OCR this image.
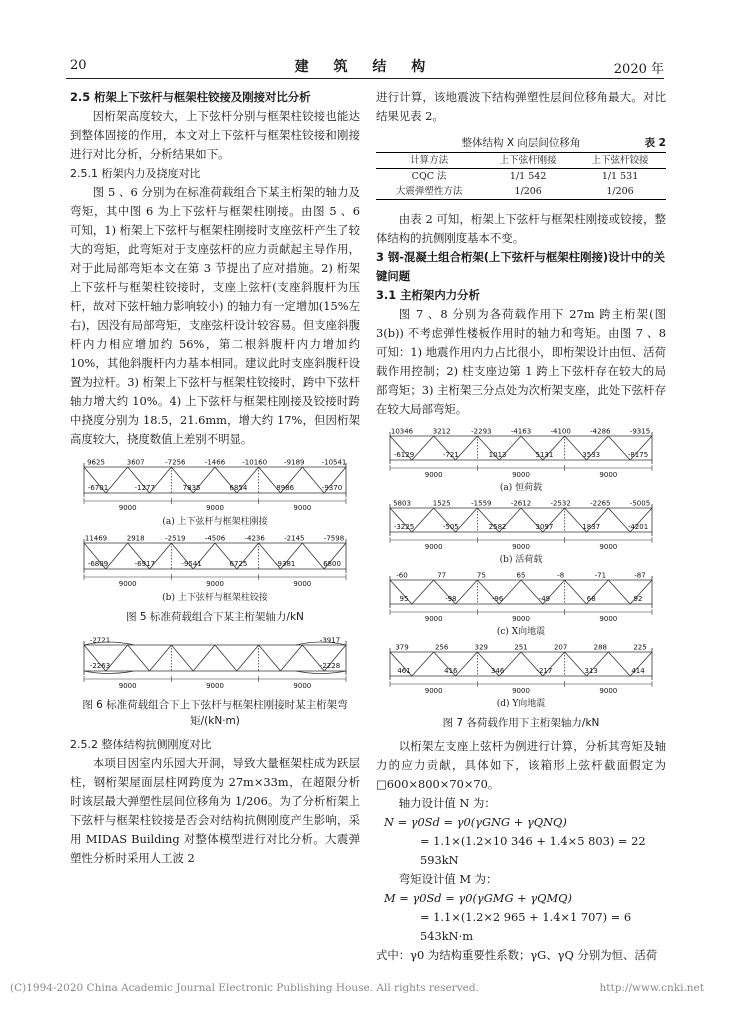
20	建 筑 结 构	2020 年
2.5 桁架上下弦杆与框架柱铰接及刚接对比分析

因桁架高度较大，上下弦杆分别与框架柱铰接也能达到整体固接的作用，本文对上下弦杆与框架柱铰接和刚接进行对比分析，分析结果如下。

2.5.1 桁架内力及挠度对比

图 5 、6 分别为在标准荷载组合下某主桁架的轴力及弯矩，其中图 6 为上下弦杆与框架柱刚接。由图 5 、6 可知，1) 桁架上下弦杆与框架柱刚接时支座弦杆产生了较大的弯矩，此弯矩对于支座弦杆的应力贡献起主导作用，对于此局部弯矩本文在第 3 节提出了应对措施。2) 桁架上下弦杆与框架柱铰接时，支座上弦杆(支座斜腹杆为压杆，故对下弦杆轴力影响较小) 的轴力有一定增加(15%左右)，因没有局部弯矩，支座弦杆设计较容易。但支座斜腹杆内力相应增加约 56%，第二根斜腹杆内力增加约 10%，其他斜腹杆内力基本相同。建议此时支座斜腹杆设置为拉杆。3) 桁架上下弦杆与框架柱铰接时，跨中下弦杆轴力增大约 10%。4) 上下弦杆与框架柱刚接及铰接时跨中挠度分别为 18.5，21.6mm，增大约 17%，但因桁架高度较大，挠度数值上差别不明显。

9625	3607	-7256	-1466 -10160 -9189 -10541
-6701	-1277	7835	6854	8986	-9370
9000	9000	9000
(a) 上下弦杆与框架柱刚接
11469	2918	-2519	-4506	-4236	-2145	-7598
-6809	-6917	-9541	6725	-9381	6800
9000	9000	9000
(b) 上下弦杆与框架柱铰接
图 5 标准荷载组合下某主桁架轴力/kN
-2721	-3917
-2263	-2228
9000	9000	9000
图 6 标准荷载组合下上下弦杆与框架柱刚接时某主桁架弯矩/(kN·m)
2.5.2 整体结构抗侧刚度对比

本项目因室内乐园大开洞，导致大量框架柱成为跃层柱，钢桁架屋面层柱网跨度为 27m×33m，在超限分析时该层最大弹塑性层间位移角为 1/206。为了分析桁架上下弦杆与框架柱铰接是否会对结构抗侧刚度产生影响，采用 MIDAS Building 对整体模型进行对比分析。大震弹塑性分析时采用人工波 2

进行计算，该地震波下结构弹塑性层间位移角最大。对比结果见表 2。

整体结构 X 向层间位移角	表 2
计算方法	上下弦杆刚接	上下弦杆铰接
CQC 法	1/1 542	1/1 531
大震弹塑性方法	1/206	1/206

由表 2 可知，桁架上下弦杆与框架柱刚接或铰接，整体结构的抗侧刚度基本不变。

3 钢-混凝土组合桁架(上下弦杆与框架柱刚接)设计中的关键问题
3.1 主桁架内力分析

图 7 、8 分别为各荷载作用下 27m 跨主桁架(图 3(b)) 不考虑弹性楼板作用时的轴力和弯矩。由图 7 、8 可知：1) 地震作用内力占比很小，即桁架设计由恒、活荷载作用控制；2) 柱支座边第 1 跨上下弦杆存在较大的局部弯矩；3) 主桁架三分点处为次桁架支座，此处下弦杆存在较大局部弯矩。

10346	3212	-2293	-4163	-4100	-4286	-9315
-6129	-721	1013	5131	3533	-8175
9000	9000	9000
(a) 恒荷载
5803	1525	-1559	-2612	-2532	-2265	-5005
-3225	-505	2582	3097	1837	-4201
9000	9000	9000
(b) 活荷载
-60	77	75	65	-8	-71	-87
95	-98	-96	-49	68	92
9000	9000	9000
(c) X向地震
379	256	329	251	207	288	225
461	416	346	-217	313	414
9000	9000	9000
(d) Y向地震
图 7 各荷载作用下主桁架轴力/kN

以桁架左支座上弦杆为例进行计算，分析其弯矩及轴力的应力贡献，具体如下，该箱形上弦杆截面假定为□600×800×70×70。

轴力设计值 N 为：

N = γ0Sd = γ0(γGNG + γQNQ)
= 1.1×(1.2×10 346 + 1.4×5 803) = 22 593kN

弯矩设计值 M 为：

M = γ0Sd = γ0(γGMG + γQMQ)
= 1.1×(1.2×2 965 + 1.4×1 707) = 6 543kN·m

式中：γ0 为结构重要性系数；γG、γQ 分别为恒、活荷

(C)1994-2020 China Academic Journal Electronic Publishing House. All rights reserved.	http://www.cnki.net
